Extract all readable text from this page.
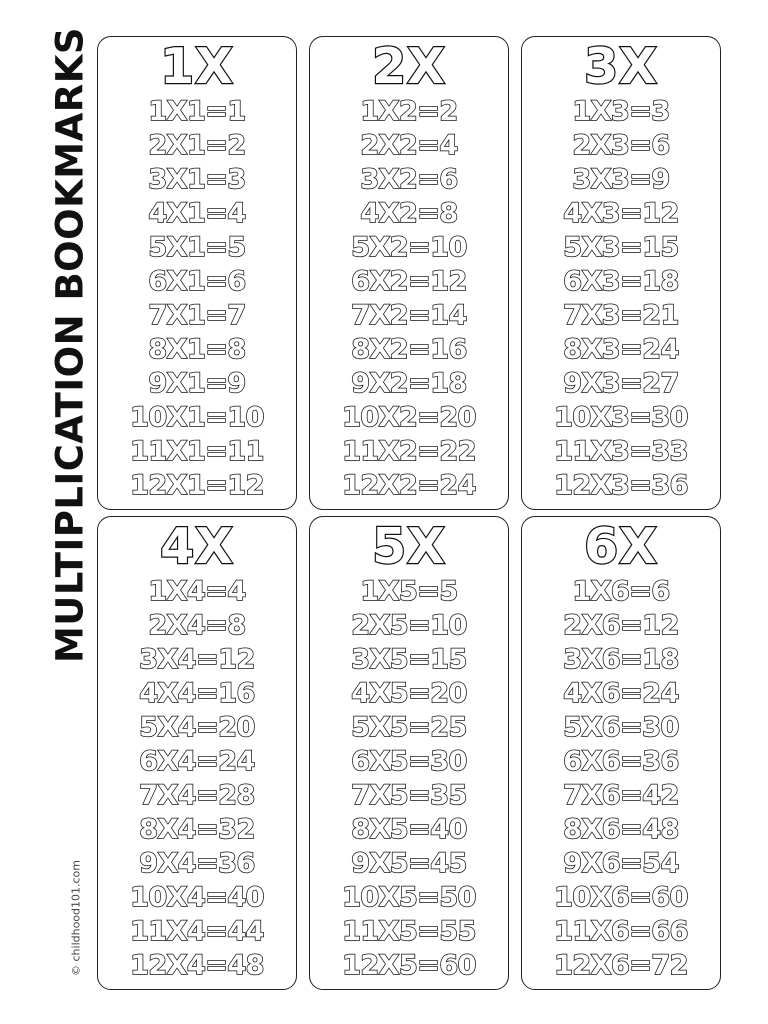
MULTIPLICATION BOOKMARKS
© childhood101.com
1X
1X1=1
2X1=2
3X1=3
4X1=4
5X1=5
6X1=6
7X1=7
8X1=8
9X1=9
10X1=10
11X1=11
12X1=12
2X
1X2=2
2X2=4
3X2=6
4X2=8
5X2=10
6X2=12
7X2=14
8X2=16
9X2=18
10X2=20
11X2=22
12X2=24
3X
1X3=3
2X3=6
3X3=9
4X3=12
5X3=15
6X3=18
7X3=21
8X3=24
9X3=27
10X3=30
11X3=33
12X3=36
4X
1X4=4
2X4=8
3X4=12
4X4=16
5X4=20
6X4=24
7X4=28
8X4=32
9X4=36
10X4=40
11X4=44
12X4=48
5X
1X5=5
2X5=10
3X5=15
4X5=20
5X5=25
6X5=30
7X5=35
8X5=40
9X5=45
10X5=50
11X5=55
12X5=60
6X
1X6=6
2X6=12
3X6=18
4X6=24
5X6=30
6X6=36
7X6=42
8X6=48
9X6=54
10X6=60
11X6=66
12X6=72
